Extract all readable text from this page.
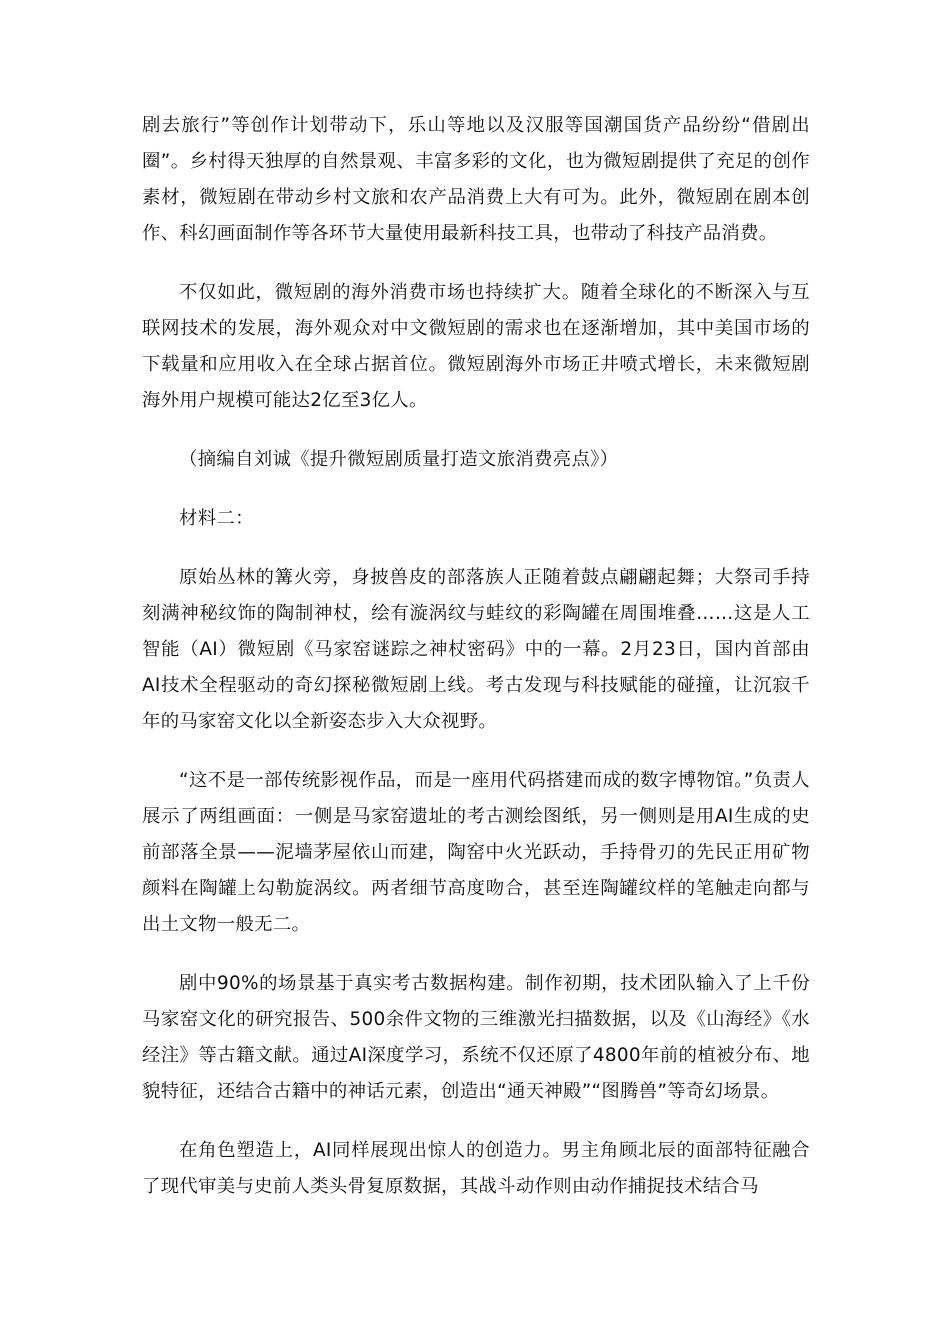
剧去旅行”等创作计划带动下，乐山等地以及汉服等国潮国货产品纷纷“借剧出圈”。乡村得天独厚的自然景观、丰富多彩的文化，也为微短剧提供了充足的创作素材，微短剧在带动乡村文旅和农产品消费上大有可为。此外，微短剧在剧本创作、科幻画面制作等各环节大量使用最新科技工具，也带动了科技产品消费。

不仅如此，微短剧的海外消费市场也持续扩大。随着全球化的不断深入与互联网技术的发展，海外观众对中文微短剧的需求也在逐渐增加，其中美国市场的下载量和应用收入在全球占据首位。微短剧海外市场正井喷式增长，未来微短剧海外用户规模可能达2亿至3亿人。

（摘编自刘诚《提升微短剧质量打造文旅消费亮点》）

材料二：

原始丛林的篝火旁，身披兽皮的部落族人正随着鼓点翩翩起舞；大祭司手持刻满神秘纹饰的陶制神杖，绘有漩涡纹与蛙纹的彩陶罐在周围堆叠……这是人工智能（AI）微短剧《马家窑谜踪之神杖密码》中的一幕。2月23日，国内首部由AI技术全程驱动的奇幻探秘微短剧上线。考古发现与科技赋能的碰撞，让沉寂千年的马家窑文化以全新姿态步入大众视野。

“这不是一部传统影视作品，而是一座用代码搭建而成的数字博物馆。”负责人展示了两组画面：一侧是马家窑遗址的考古测绘图纸，另一侧则是用AI生成的史前部落全景——泥墙茅屋依山而建，陶窑中火光跃动，手持骨刃的先民正用矿物颜料在陶罐上勾勒旋涡纹。两者细节高度吻合，甚至连陶罐纹样的笔触走向都与出土文物一般无二。

剧中90%的场景基于真实考古数据构建。制作初期，技术团队输入了上千份马家窑文化的研究报告、500余件文物的三维激光扫描数据，以及《山海经》《水经注》等古籍文献。通过AI深度学习，系统不仅还原了4800年前的植被分布、地貌特征，还结合古籍中的神话元素，创造出“通天神殿”“图腾兽”等奇幻场景。

在角色塑造上，AI同样展现出惊人的创造力。男主角顾北辰的面部特征融合了现代审美与史前人类头骨复原数据，其战斗动作则由动作捕捉技术结合马
